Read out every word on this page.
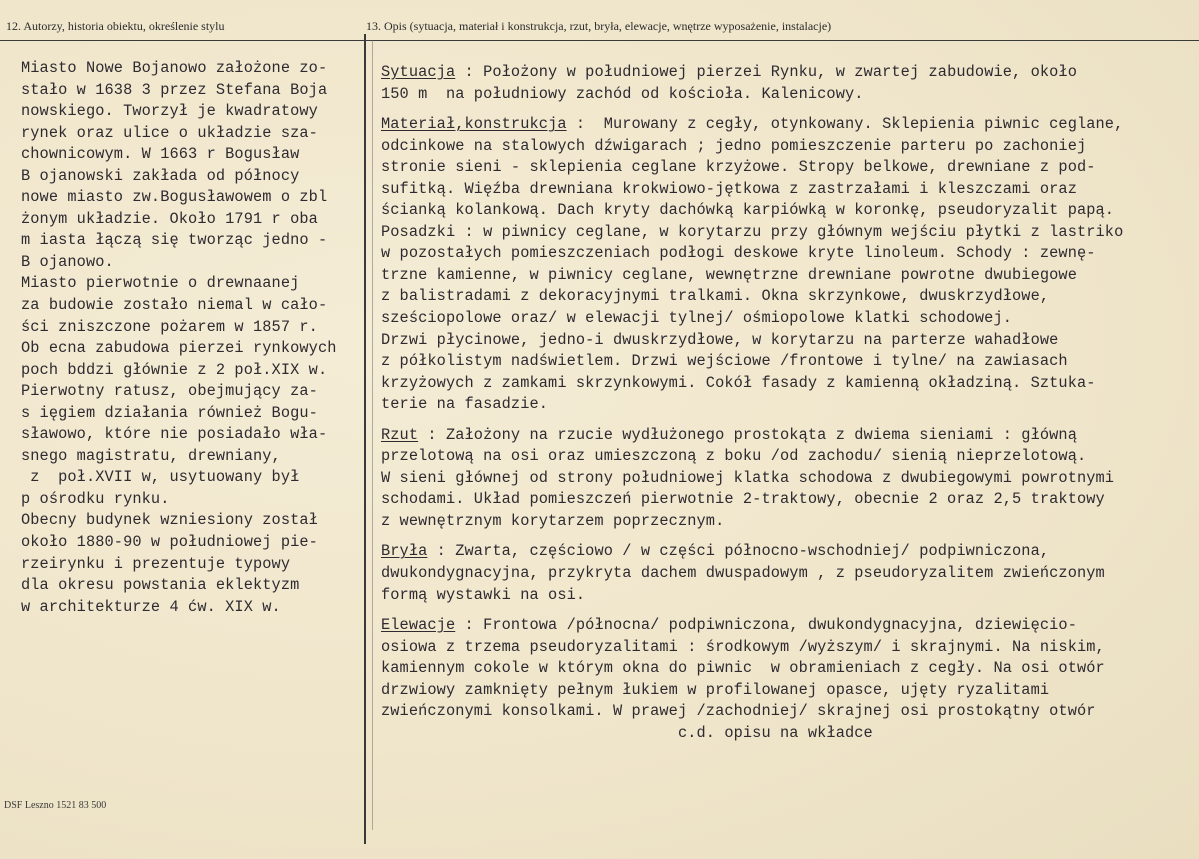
12. Autorzy, historia obiektu, określenie stylu	13. Opis (sytuacja, materiał i konstrukcja, rzut, bryła, elewacje, wnętrze wyposażenie, instalacje)
Miasto Nowe Bojanowo założone zo-
stało w 1638 3 przez Stefana Boja
nowskiego. Tworzył je kwadratowy
rynek oraz ulice o układzie sza-
chownicowym. W 1663 r Bogusław
B ojanowski zakłada od północy
nowe miasto zw.Bogusławowem o zbl
żonym układzie. Około 1791 r oba
m iasta łączą się tworząc jedno -
B ojanowo.
Miasto pierwotnie o drewnaanej
za budowie zostało niemal w cało-
ści zniszczone pożarem w 1857 r.
Ob ecna zabudowa pierzei rynkowych
poch bddzi głównie z 2 poł.XIX w.
Pierwotny ratusz, obejmujący za-
s ięgiem działania również Bogu-
sławowo, które nie posiadało wła-
snego magistratu, drewniany,
z  poł.XVII w, usytuowany był
p ośrodku rynku.
Obecny budynek wzniesiony został
około 1880-90 w południowej pie-
rzeirynku i prezentuje typowy
dla okresu powstania eklektyzm
w architekturze 4 ćw. XIX w.
Sytuacja : Położony w południowej pierzei Rynku, w zwartej zabudowie, około
150 m  na południowy zachód od kościoła. Kalenicowy.
Materiał,konstrukcja :  Murowany z cegły, otynkowany. Sklepienia piwnic ceglane,
odcinkowe na stalowych dźwigarach ; jedno pomieszczenie parteru po zachoniej
stronie sieni - sklepienia ceglane krzyżowe. Stropy belkowe, drewniane z pod-
sufitką. Więźba drewniana krokwiowo-jętkowa z zastrzałami i kleszczami oraz
ścianką kolankową. Dach kryty dachówką karpiówką w koronkę, pseudoryzalit papą.
Posadzki : w piwnicy ceglane, w korytarzu przy głównym wejściu płytki z lastriko
w pozostałych pomieszczeniach podłogi deskowe kryte linoleum. Schody : zewnę-
trzne kamienne, w piwnicy ceglane, wewnętrzne drewniane powrotne dwubiegowe
z balistradami z dekoracyjnymi tralkami. Okna skrzynkowe, dwuskrzydłowe,
sześciopolowe oraz/ w elewacji tylnej/ ośmiopolowe klatki schodowej.
Drzwi płycinowe, jedno-i dwuskrzydłowe, w korytarzu na parterze wahadłowe
z półkolistym nadświetlem. Drzwi wejściowe /frontowe i tylne/ na zawiasach
krzyżowych z zamkami skrzynkowymi. Cokół fasady z kamienną okładziną. Sztuka-
terie na fasadzie.
Rzut : Założony na rzucie wydłużonego prostokąta z dwiema sieniami : główną
przelotową na osi oraz umieszczoną z boku /od zachodu/ sienią nieprzelotową.
W sieni głównej od strony południowej klatka schodowa z dwubiegowymi powrotnymi
schodami. Układ pomieszczeń pierwotnie 2-traktowy, obecnie 2 oraz 2,5 traktowy
z wewnętrznym korytarzem poprzecznym.
Bryła : Zwarta, częściowo / w części północno-wschodniej/ podpiwniczona,
dwukondygnacyjna, przykryta dachem dwuspadowym , z pseudoryzalitem zwieńczonym
formą wystawki na osi.
Elewacje : Frontowa /północna/ podpiwniczona, dwukondygnacyjna, dziewięcio-
osiowa z trzema pseudoryzalitami : środkowym /wyższym/ i skrajnymi. Na niskim,
kamiennym cokole w którym okna do piwnic  w obramieniach z cegły. Na osi otwór
drzwiowy zamknięty pełnym łukiem w profilowanej opasce, ujęty ryzalitami
zwieńczonymi konsolkami. W prawej /zachodniej/ skrajnej osi prostokątny otwór
c.d. opisu na wkładce
DSF Leszno 1521 83 500
